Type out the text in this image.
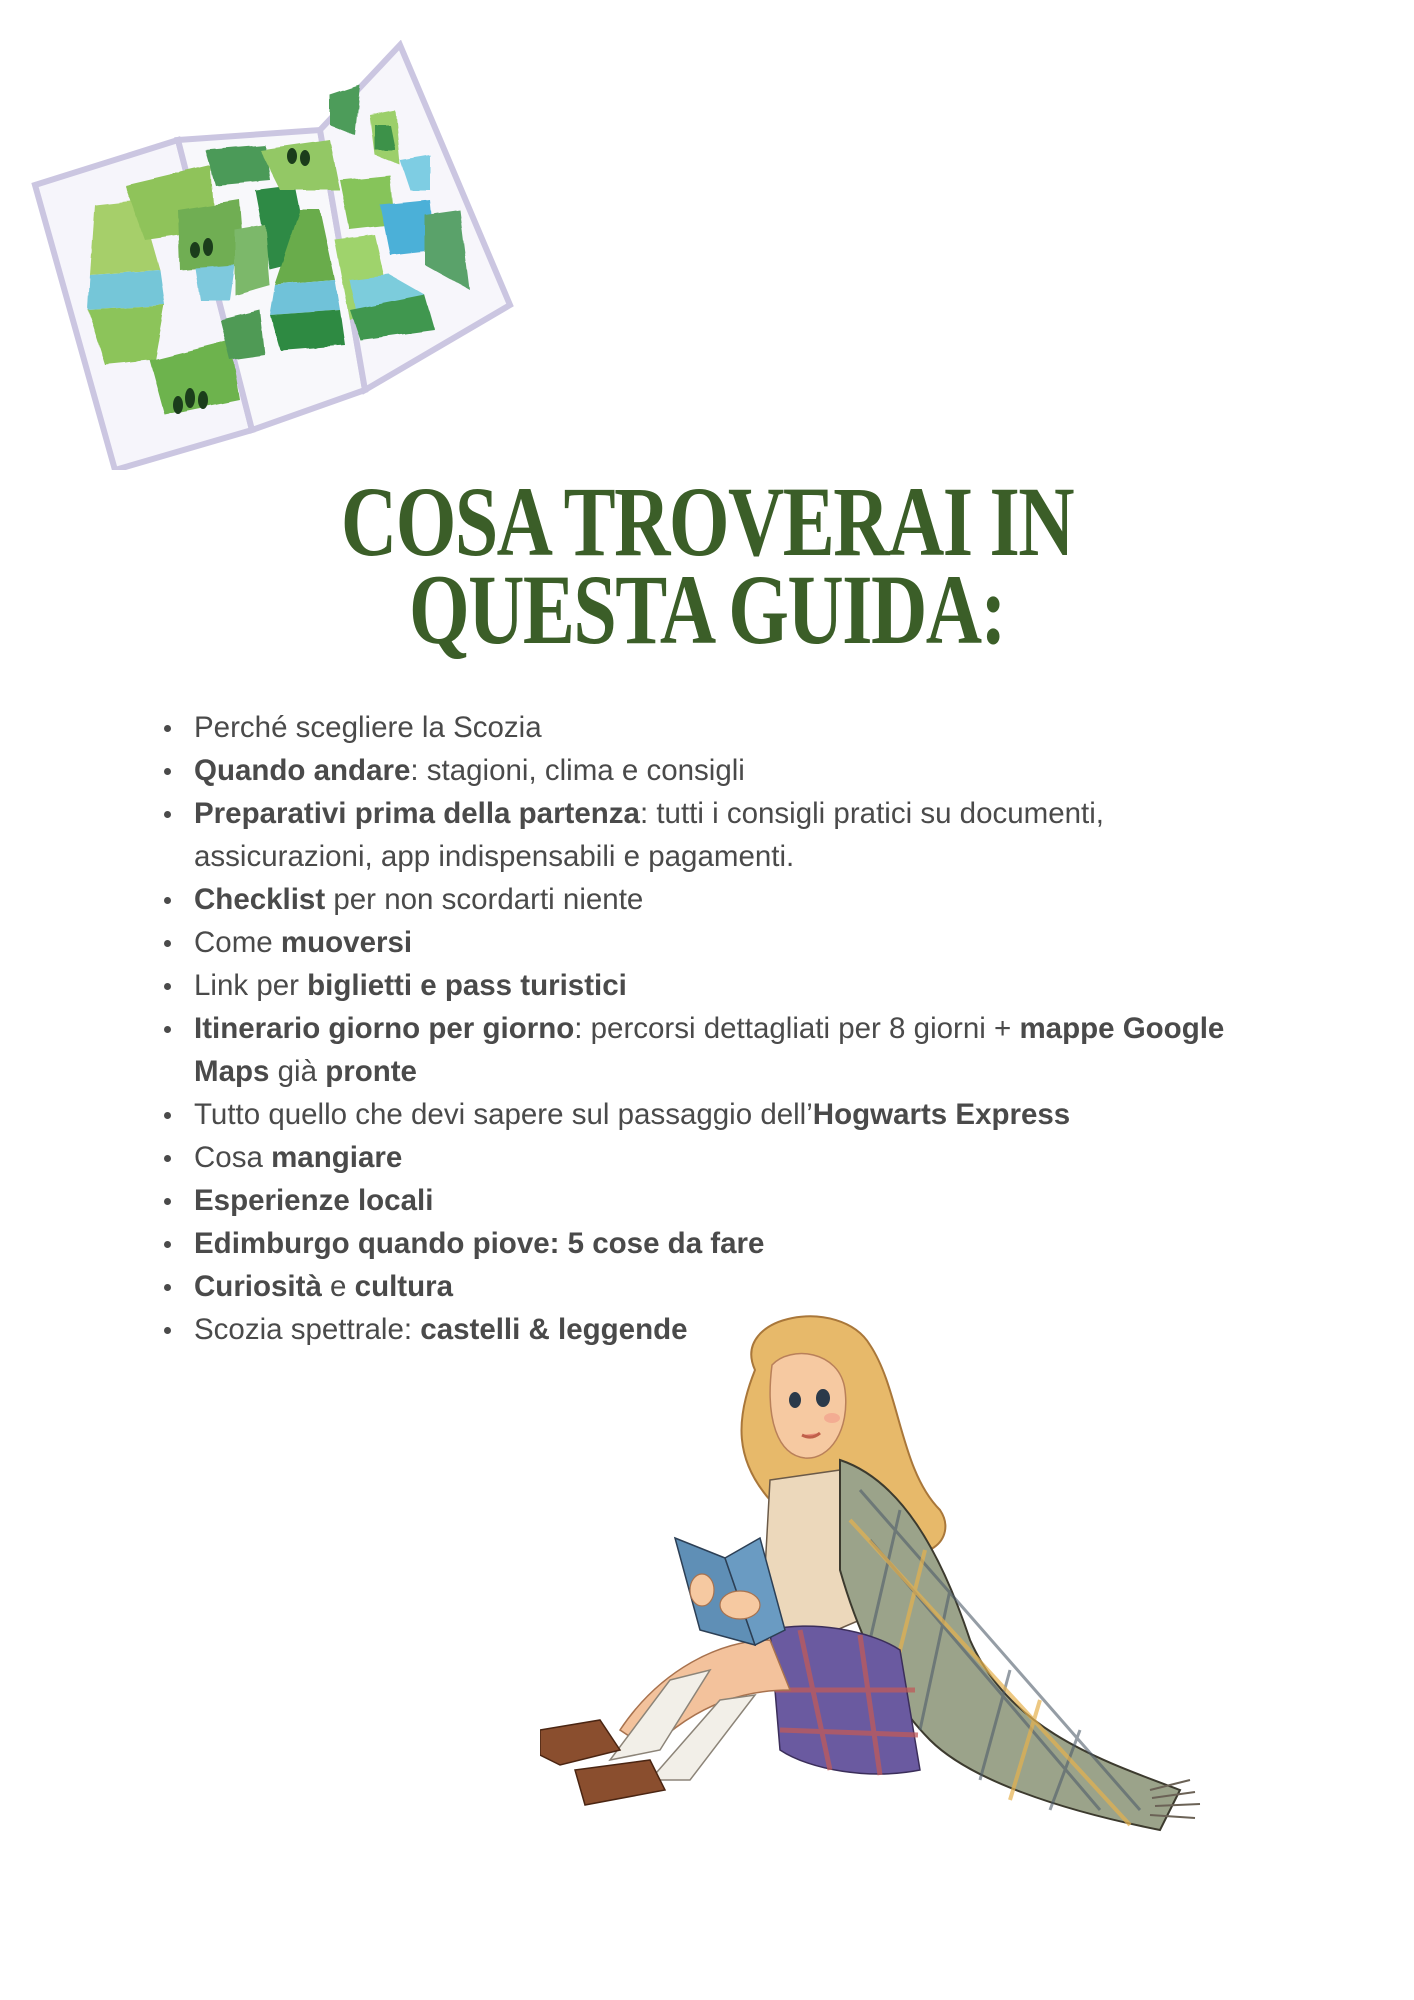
COSA TROVERAI IN
QUESTA GUIDA:
Perché scegliere la Scozia
Quando andare: stagioni, clima e consigli
Preparativi prima della partenza: tutti i consigli pratici su documenti, assicurazioni, app indispensabili e pagamenti.
Checklist per non scordarti niente
Come muoversi
Link per biglietti e pass turistici
Itinerario giorno per giorno: percorsi dettagliati per 8 giorni + mappe Google Maps già pronte
Tutto quello che devi sapere sul passaggio dell’Hogwarts Express
Cosa mangiare
Esperienze locali
Edimburgo quando piove: 5 cose da fare
Curiosità e cultura
Scozia spettrale: castelli & leggende
